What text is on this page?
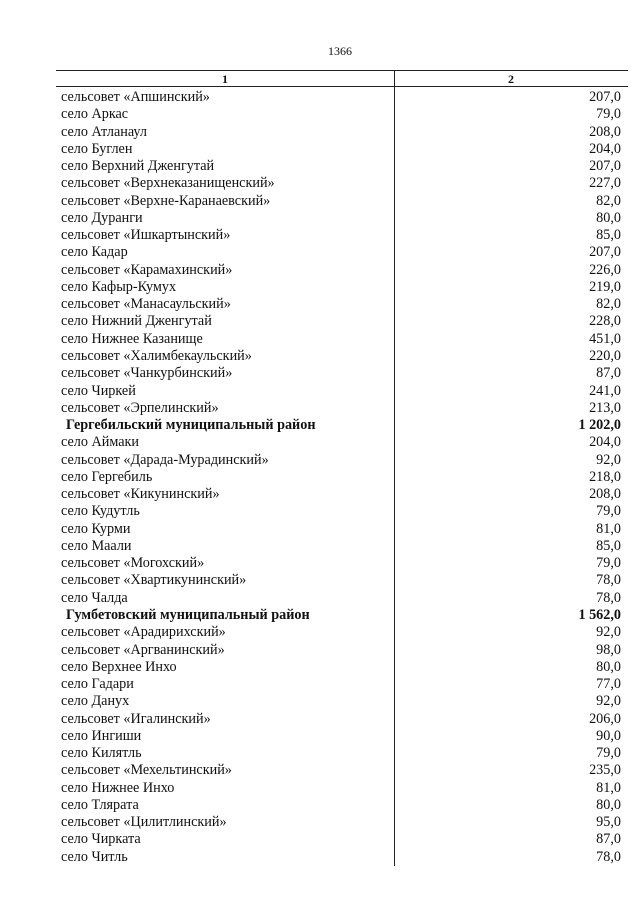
1366
1	2
сельсовет «Апшинский»	207,0
село Аркас	79,0
село Атланаул	208,0
село Буглен	204,0
село Верхний Дженгутай	207,0
сельсовет «Верхнеказанищенский»	227,0
сельсовет «Верхне-Каранаевский»	82,0
село Дуранги	80,0
сельсовет «Ишкартынский»	85,0
село Кадар	207,0
сельсовет «Карамахинский»	226,0
село Кафыр-Кумух	219,0
сельсовет «Манасаульский»	82,0
село Нижний Дженгутай	228,0
село Нижнее Казанище	451,0
сельсовет «Халимбекаульский»	220,0
сельсовет «Чанкурбинский»	87,0
село Чиркей	241,0
сельсовет «Эрпелинский»	213,0
Гергебильский муниципальный район	1 202,0
село Аймаки	204,0
сельсовет «Дарада-Мурадинский»	92,0
село Гергебиль	218,0
сельсовет «Кикунинский»	208,0
село Кудутль	79,0
село Курми	81,0
село Маали	85,0
сельсовет «Могохский»	79,0
сельсовет «Хвартикунинский»	78,0
село Чалда	78,0
Гумбетовский муниципальный район	1 562,0
сельсовет «Арадирихский»	92,0
сельсовет «Аргванинский»	98,0
село Верхнее Инхо	80,0
село Гадари	77,0
село Данух	92,0
сельсовет «Игалинский»	206,0
село Ингиши	90,0
село Килятль	79,0
сельсовет «Мехельтинский»	235,0
село Нижнее Инхо	81,0
село Тлярата	80,0
сельсовет «Цилитлинский»	95,0
село Чирката	87,0
село Читль	78,0
